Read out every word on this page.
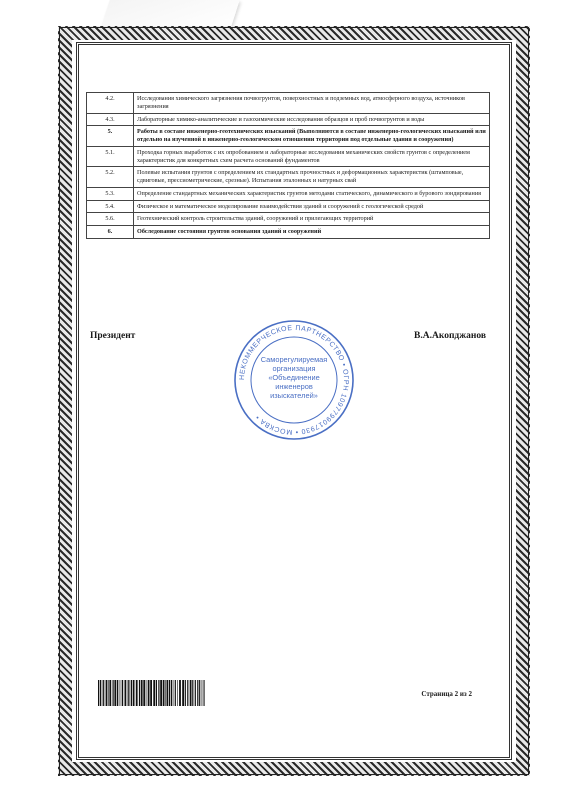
4.2.	Исследования химического загрязнения почвогрунтов, поверхностных и подземных вод, атмосферного воздуха, источников загрязнения
4.3.	Лабораторные химико-аналитические и газохимические исследования образцов и проб почвогрунтов и воды
5.	Работы в составе инженерно-геотехнических изысканий (Выполняются в составе инженерно-геологических изысканий или отдельно на изученной в инженерно-геологическом отношении территории под отдельные здания и сооружения)
5.1.	Проходка горных выработок с их опробованием и лабораторные исследования механических свойств грунтов с определением характеристик для конкретных схем расчета оснований фундаментов
5.2.	Полевые испытания грунтов с определением их стандартных прочностных и деформационных характеристик (штамповые, сдвиговые, прессиометрические, срезные). Испытания эталонных и натурных свай
5.3.	Определение стандартных механических характеристик грунтов методами статического, динамического и бурового зондирования
5.4.	Физическое и математическое моделирование взаимодействия зданий и сооружений с геологической средой
5.6.	Геотехнический контроль строительства зданий, сооружений и прилегающих территорий
6.	Обследование состояния грунтов основания зданий и сооружений
Президент	В.А.Акопджанов
НЕКОММЕРЧЕСКОЕ ПАРТНЕРСТВО • ОГРН 1097799017930 • МОСКВА •
Саморегулируемая
организация
«Объединение
инженеров
изыскателей»
Страница 2 из 2
